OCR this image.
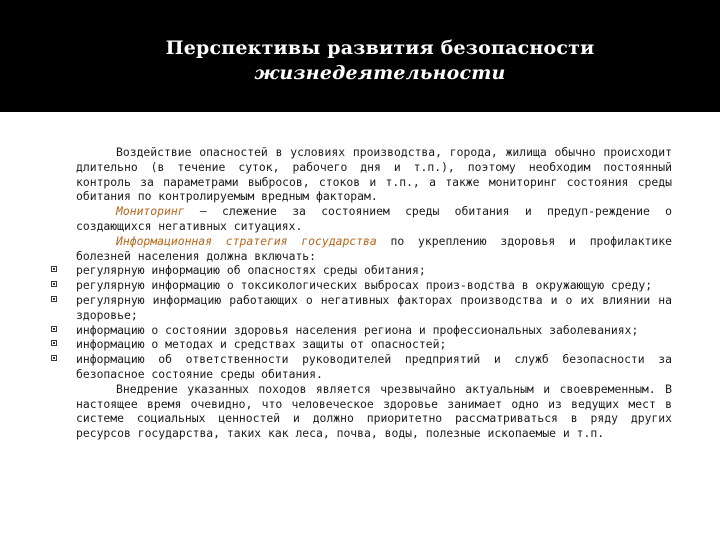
Перспективы развития безопасности
жизнедеятельности

Воздействие опасностей в условиях производства, города, жилища обычно происходит длительно (в течение суток, рабочего дня и т.п.), поэтому необходим постоянный контроль за параметрами выбросов, стоков и т.п., а также мониторинг состояния среды обитания по контролируемым вредным факторам.

Мониторинг — слежение за состоянием среды обитания и предуп-реждение о создающихся негативных ситуациях.

Информационная стратегия государства по укреплению здоровья и профилактике болезней населения должна включать:

регулярную информацию об опасностях среды обитания;
регулярную информацию о токсикологических выбросах произ-водства в окружающую среду;
регулярную информацию работающих о негативных факторах производства и о их влиянии на здоровье;
информацию о состоянии здоровья населения региона и профессиональных заболеваниях;
информацию о методах и средствах защиты от опасностей;
информацию об ответственности руководителей предприятий и служб безопасности за безопасное состояние среды обитания.

Внедрение указанных походов является чрезвычайно актуальным и своевременным. В настоящее время очевидно, что человеческое здоровье занимает одно из ведущих мест в системе социальных ценностей и должно приоритетно рассматриваться в ряду других ресурсов государства, таких как леса, почва, воды, полезные ископаемые и т.п.
